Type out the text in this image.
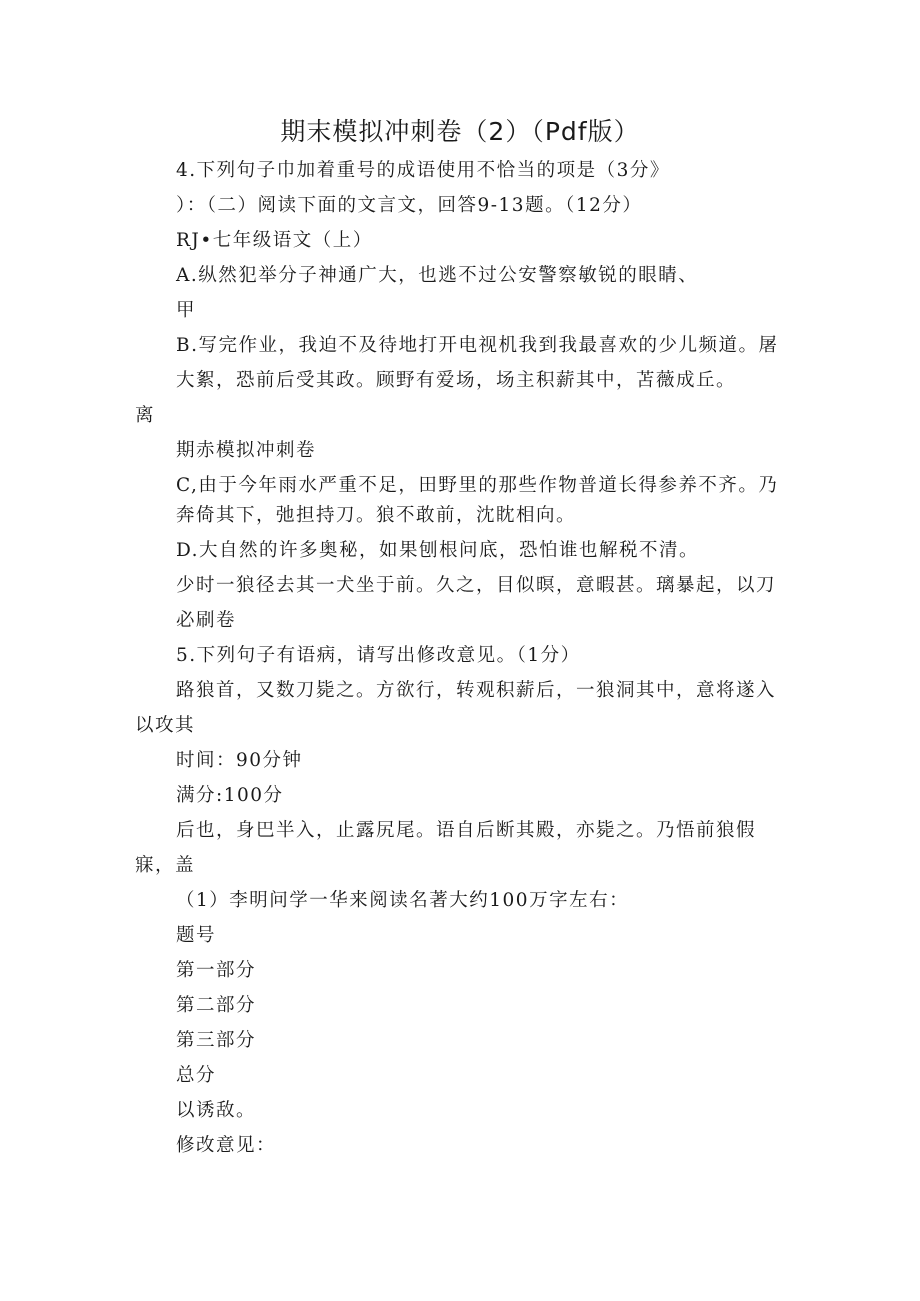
期末模拟冲刺卷（2）（Pdf版）
4.下列句子巾加着重号的成语使用不恰当的项是（3分》
）：（二）阅读下面的文言文，回答9-13题。（12分）
RJ•七年级语文（上）
A.纵然犯举分子神通广大，也逃不过公安警察敏锐的眼睛、
甲
B.写完作业，我迫不及待地打开电视机我到我最喜欢的少儿频道。屠
大絮，恐前后受其政。顾野有爱场，场主积薪其中，苫薇成丘。
离
期赤模拟冲刺卷
C,由于今年雨水严重不足，田野里的那些作物普道长得参养不齐。乃
奔倚其下，弛担持刀。狼不敢前，沈眈相向。
D.大自然的许多奥秘，如果刨根问底，恐怕谁也解税不清。
少时一狼径去其一犬坐于前。久之，目似暝，意暇甚。璃暴起，以刀
必刷卷
5.下列句子有语病，请写出修改意见。（1分）
路狼首，又数刀毙之。方欲行，转观积薪后，一狼洞其中，意将遂入
以攻其
时间：90分钟
满分:100分
后也，身巴半入，止露尻尾。语自后断其殿，亦毙之。乃悟前狼假
寐，盖
（1）李明问学一华来阅读名著大约100万字左右：
题号
第一部分
第二部分
第三部分
总分
以诱敌。
修改意见：
